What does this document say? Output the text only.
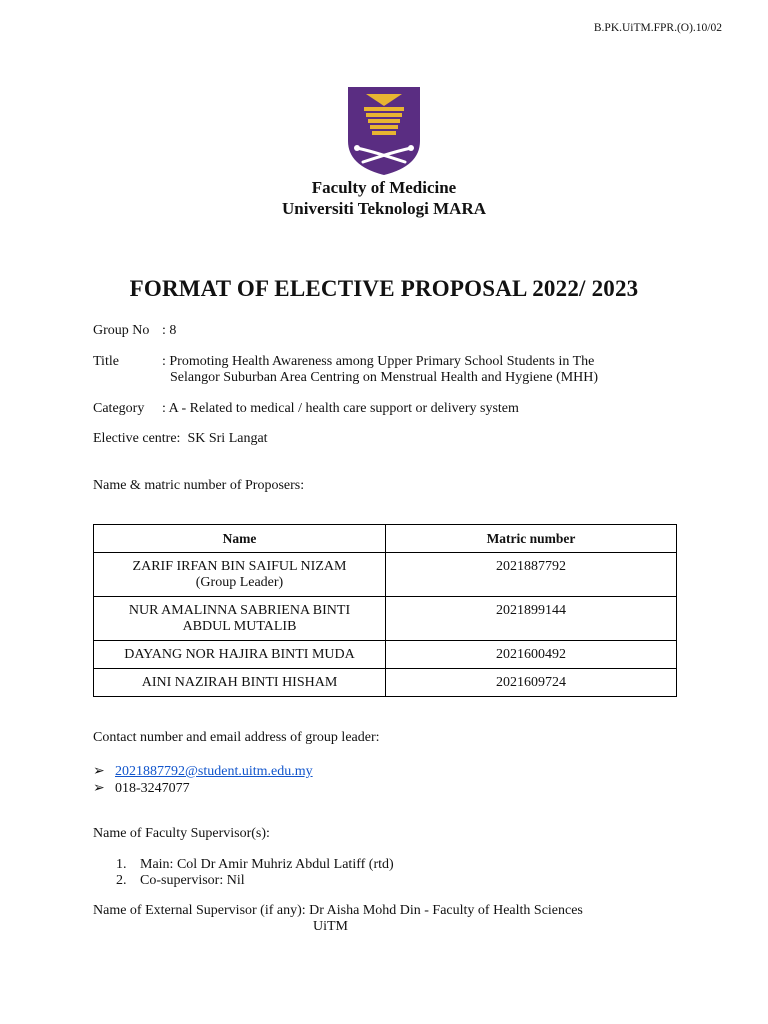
B.PK.UiTM.FPR.(O).10/02
Faculty of Medicine
Universiti Teknologi MARA
FORMAT OF ELECTIVE PROPOSAL 2022/ 2023
Group No : 8
Title	: Promoting Health Awareness among Upper Primary School Students in The
Selangor Suburban Area Centring on Menstrual Health and Hygiene (MHH)
Category : A - Related to medical / health care support or delivery system
Elective centre: SK Sri Langat
Name & matric number of Proposers:
Name	Matric number

ZARIF IRFAN BIN SAIFUL NIZAM
(Group Leader)	2021887792

NUR AMALINNA SABRIENA BINTI
ABDUL MUTALIB	2021899144
DAYANG NOR HAJIRA BINTI MUDA	2021600492
AINI NAZIRAH BINTI HISHAM	2021609724
Contact number and email address of group leader:
➢ 2021887792@student.uitm.edu.my
➢ 018-3247077
Name of Faculty Supervisor(s):
1. Main: Col Dr Amir Muhriz Abdul Latiff (rtd)
2. Co-supervisor: Nil
Name of External Supervisor (if any): Dr Aisha Mohd Din - Faculty of Health Sciences
UiTM
